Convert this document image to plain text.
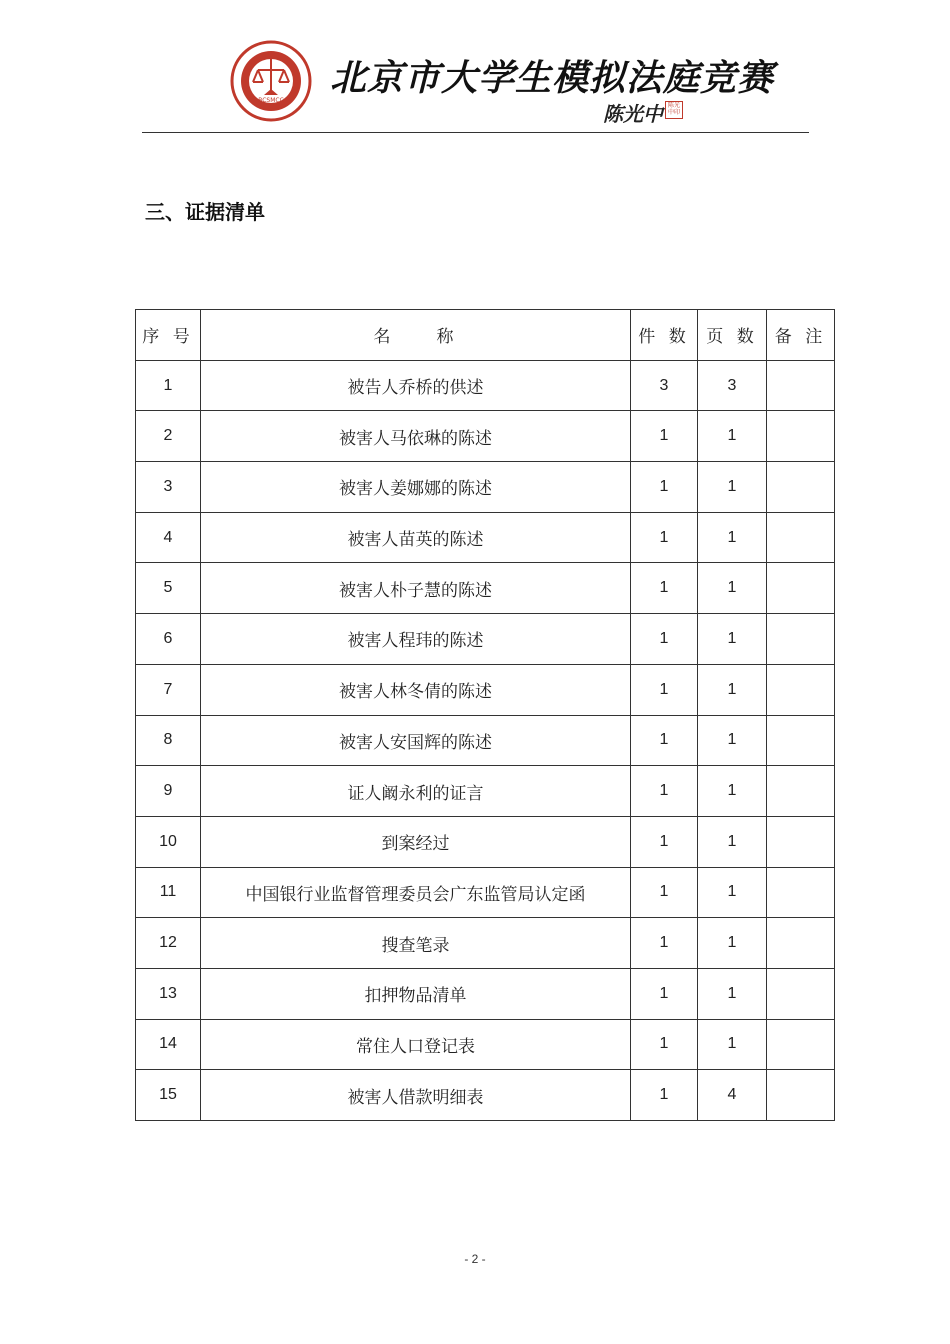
BCSMCC
北京市大学生模拟法庭竞赛
陈光中 陈光中印
三、证据清单
序 号	名　　称	件 数	页 数	备 注
1	被告人乔桥的供述	3	3	
2	被害人马依琳的陈述	1	1	
3	被害人姜娜娜的陈述	1	1	
4	被害人苗英的陈述	1	1	
5	被害人朴子慧的陈述	1	1	
6	被害人程玮的陈述	1	1	
7	被害人林冬倩的陈述	1	1	
8	被害人安国辉的陈述	1	1	
9	证人阚永利的证言	1	1	
10	到案经过	1	1	
11	中国银行业监督管理委员会广东监管局认定函	1	1	
12	搜查笔录	1	1	
13	扣押物品清单	1	1	
14	常住人口登记表	1	1	
15	被害人借款明细表	1	4	
- 2 -
